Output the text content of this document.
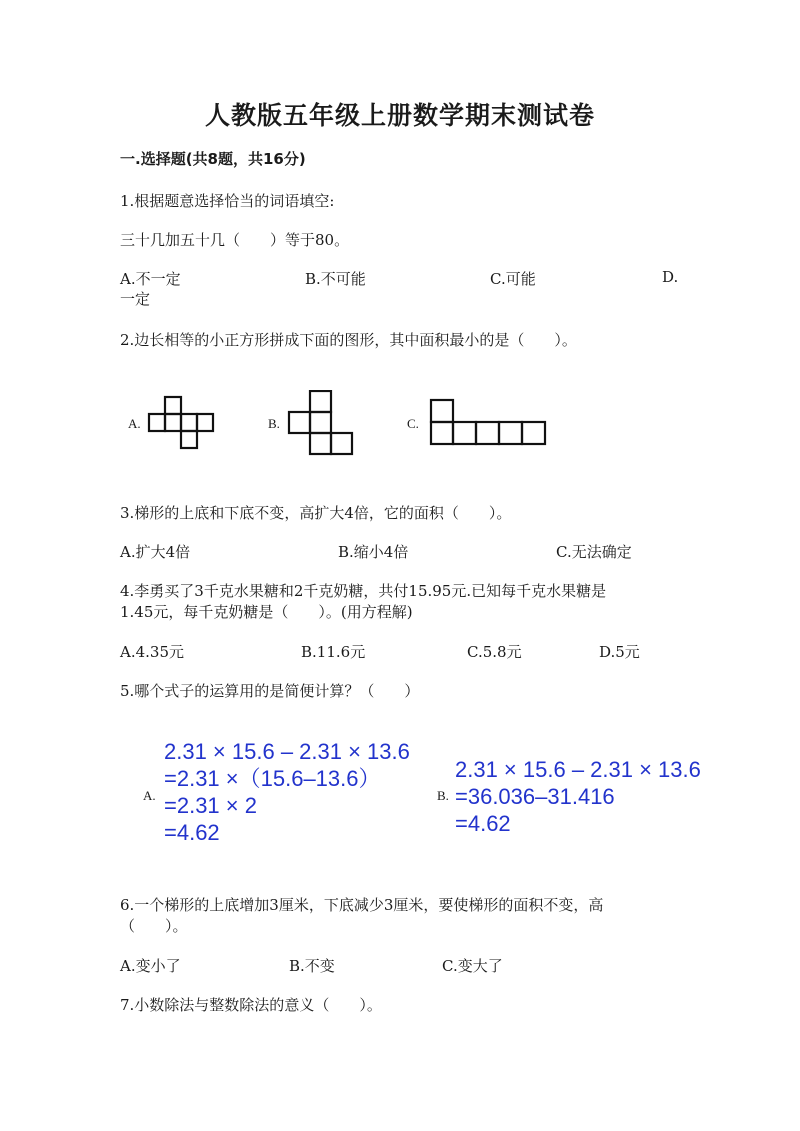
人教版五年级上册数学期末测试卷
一.选择题(共8题，共16分)
1.根据题意选择恰当的词语填空:
三十几加五十几（　　）等于80。
A.不一定	B.不可能	C.可能	D.
一定
2.边长相等的小正方形拼成下面的图形，其中面积最小的是（　　）。
A.	B.	C.
3.梯形的上底和下底不变，高扩大4倍，它的面积（　　）。
A.扩大4倍	B.缩小4倍	C.无法确定
4.李勇买了3千克水果糖和2千克奶糖，共付15.95元.已知每千克水果糖是
1.45元，每千克奶糖是（　　）。(用方程解)
A.4.35元	B.11.6元	C.5.8元	D.5元
5.哪个式子的运算用的是简便计算？（　　）
A.	B.
2.31 × 15.6 – 2.31 × 13.6
=2.31 ×（15.6–13.6）
=2.31 × 2
=4.62
2.31 × 15.6 – 2.31 × 13.6
=36.036–31.416
=4.62
6.一个梯形的上底增加3厘米，下底减少3厘米，要使梯形的面积不变，高
（　　）。
A.变小了	B.不变	C.变大了
7.小数除法与整数除法的意义（　　）。
